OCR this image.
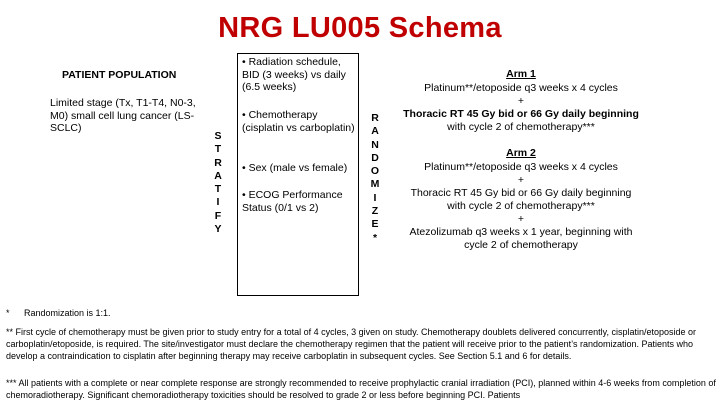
NRG LU005 Schema
PATIENT POPULATION
Limited stage (Tx, T1-T4, N0-3, M0) small cell lung cancer (LS-SCLC)
S
T
R
A
T
I
F
Y
• Radiation schedule, BID (3 weeks) vs daily (6.5 weeks)
• Chemotherapy (cisplatin vs carboplatin)
• Sex (male vs female)
• ECOG Performance Status (0/1 vs 2)
R
A
N
D
O
M
I
Z
E
*
Arm 1
Platinum**/etoposide q3 weeks x 4 cycles
+
Thoracic RT 45 Gy bid or 66 Gy daily beginning
with cycle 2 of chemotherapy***
Arm 2
Platinum**/etoposide q3 weeks x 4 cycles
+
Thoracic RT 45 Gy bid or 66 Gy daily beginning
with cycle 2 of chemotherapy***
+
Atezolizumab q3 weeks x 1 year, beginning with
cycle 2 of chemotherapy
* Randomization is 1:1.
** First cycle of chemotherapy must be given prior to study entry for a total of 4 cycles, 3 given on study. Chemotherapy doublets delivered concurrently, cisplatin/etoposide or carboplatin/etoposide, is required. The site/investigator must declare the chemotherapy regimen that the patient will receive prior to the patient’s randomization. Patients who develop a contraindication to cisplatin after beginning therapy may receive carboplatin in subsequent cycles. See Section 5.1 and 6 for details.
*** All patients with a complete or near complete response are strongly recommended to receive prophylactic cranial irradiation (PCI), planned within 4-6 weeks from completion of chemoradiotherapy. Significant chemoradiotherapy toxicities should be resolved to grade 2 or less before beginning PCI. Patients
